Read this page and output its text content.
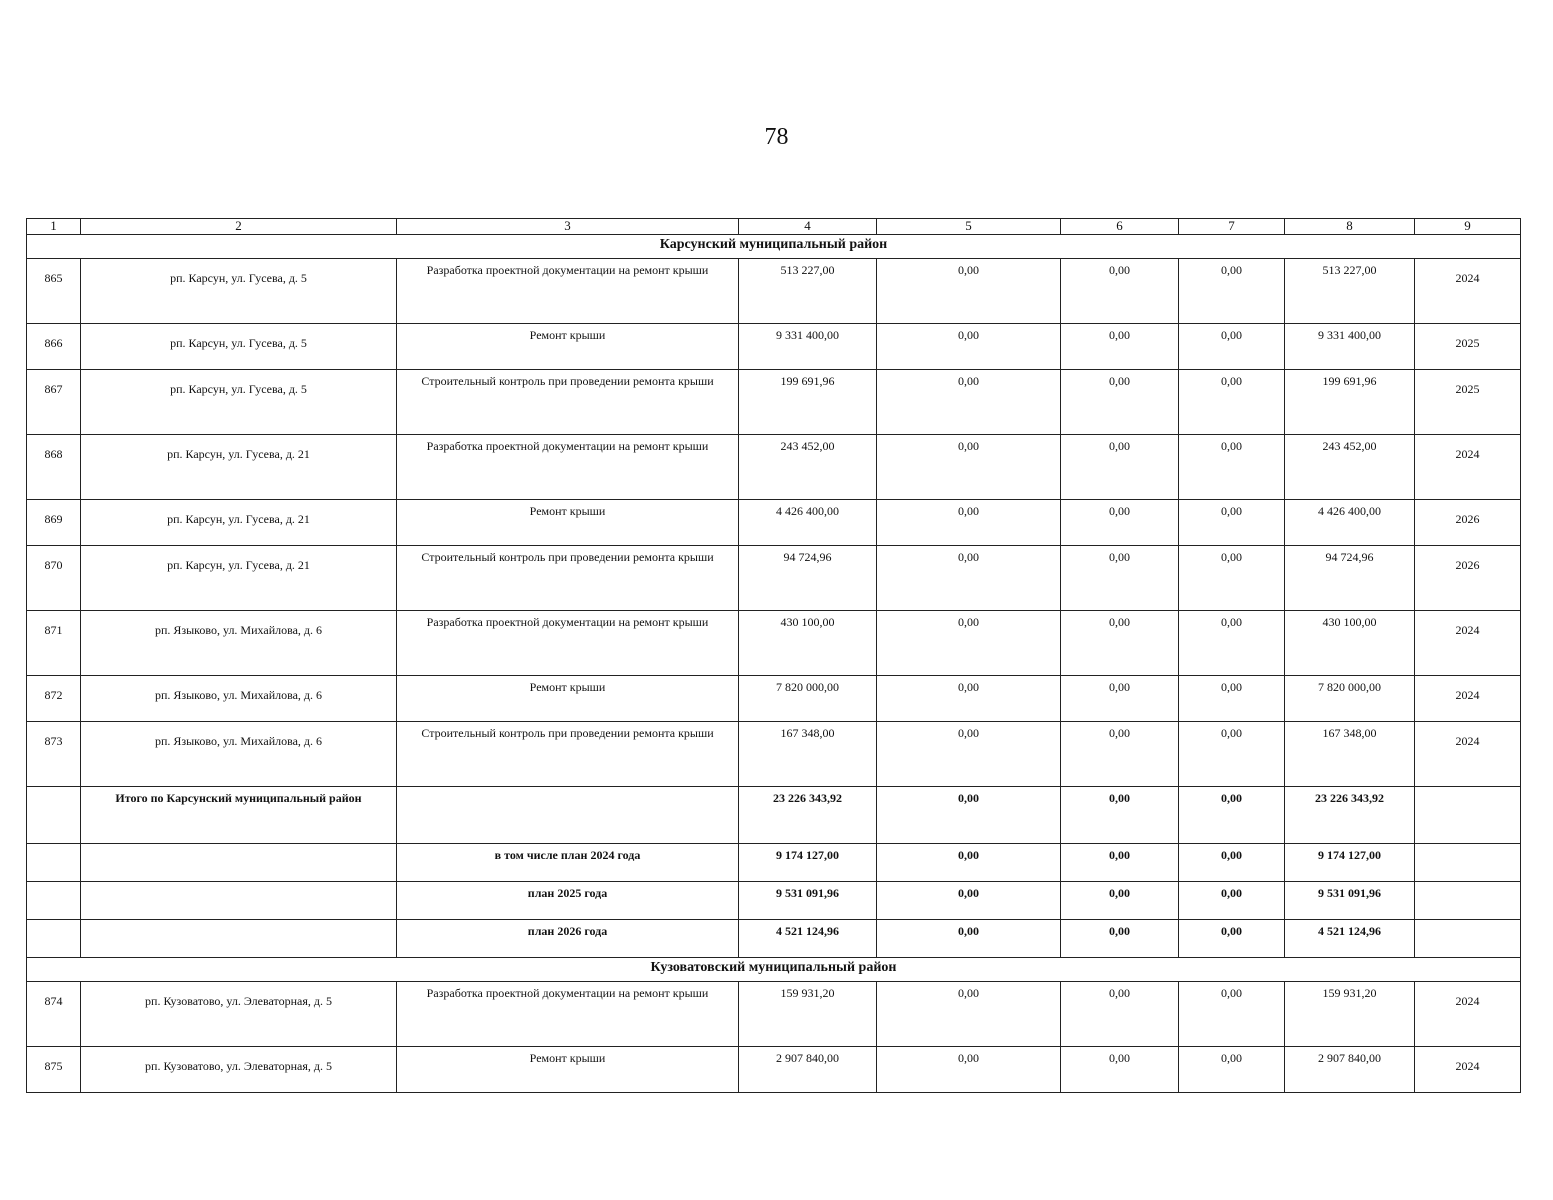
78
1	2	3	4	5	6	7	8	9
Карсунский муниципальный район								
865	рп. Карсун, ул. Гусева, д. 5	Разработка проектной документации на ремонт крыши	513 227,00	0,00	0,00	0,00	513 227,00	2024
866	рп. Карсун, ул. Гусева, д. 5	Ремонт крыши	9 331 400,00	0,00	0,00	0,00	9 331 400,00	2025
867	рп. Карсун, ул. Гусева, д. 5	Строительный контроль при проведении ремонта крыши	199 691,96	0,00	0,00	0,00	199 691,96	2025
868	рп. Карсун, ул. Гусева, д. 21	Разработка проектной документации на ремонт крыши	243 452,00	0,00	0,00	0,00	243 452,00	2024
869	рп. Карсун, ул. Гусева, д. 21	Ремонт крыши	4 426 400,00	0,00	0,00	0,00	4 426 400,00	2026
870	рп. Карсун, ул. Гусева, д. 21	Строительный контроль при проведении ремонта крыши	94 724,96	0,00	0,00	0,00	94 724,96	2026
871	рп. Языково, ул. Михайлова, д. 6	Разработка проектной документации на ремонт крыши	430 100,00	0,00	0,00	0,00	430 100,00	2024
872	рп. Языково, ул. Михайлова, д. 6	Ремонт крыши	7 820 000,00	0,00	0,00	0,00	7 820 000,00	2024
873	рп. Языково, ул. Михайлова, д. 6	Строительный контроль при проведении ремонта крыши	167 348,00	0,00	0,00	0,00	167 348,00	2024
	Итого по Карсунский муниципальный район		23 226 343,92	0,00	0,00	0,00	23 226 343,92	
		в том числе план 2024 года	9 174 127,00	0,00	0,00	0,00	9 174 127,00	
		план 2025 года	9 531 091,96	0,00	0,00	0,00	9 531 091,96	
		план 2026 года	4 521 124,96	0,00	0,00	0,00	4 521 124,96	
Кузоватовский муниципальный район								
874	рп. Кузоватово, ул. Элеваторная, д. 5	Разработка проектной документации на ремонт крыши	159 931,20	0,00	0,00	0,00	159 931,20	2024
875	рп. Кузоватово, ул. Элеваторная, д. 5	Ремонт крыши	2 907 840,00	0,00	0,00	0,00	2 907 840,00	2024
